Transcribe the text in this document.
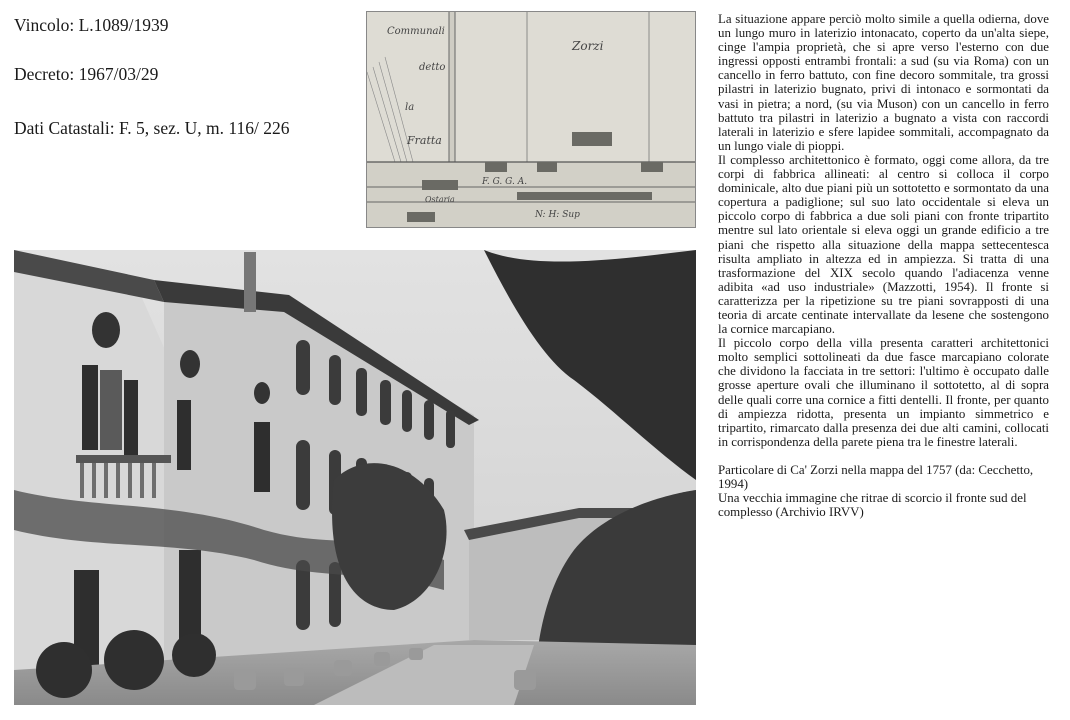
Vincolo: L.1089/1939
Decreto: 1967/03/29
Dati Catastali: F. 5, sez. U, m. 116/ 226
Communali
detto
la
Fratta
Zorzi
Ostaria
F. G. G. A.
N: H: Sup

La situazione appare perciò molto simile a quella odierna, dove un lungo muro in laterizio intonacato, coperto da un'alta siepe, cinge l'ampia proprietà, che si apre verso l'esterno con due ingressi opposti entrambi frontali: a sud (su via Roma) con un cancello in ferro battuto, con fine decoro sommitale, tra grossi pilastri in laterizio bugnato, privi di intonaco e sormontati da vasi in pietra; a nord, (su via Muson) con un cancello in ferro battuto tra pilastri in laterizio a bugnato a vista con raccordi laterali in laterizio e sfere lapidee sommitali, accompagnato da un lungo viale di pioppi.

Il complesso architettonico è formato, oggi come allora, da tre corpi di fabbrica allineati: al centro si colloca il corpo dominicale, alto due piani più un sottotetto e sormontato da una copertura a padiglione; sul suo lato occidentale si eleva un piccolo corpo di fabbrica a due soli piani con fronte tripartito mentre sul lato orientale si eleva oggi un grande edificio a tre piani che rispetto alla situazione della mappa settecentesca risulta ampliato in altezza ed in ampiezza. Si tratta di una trasformazione del XIX secolo quando l'adiacenza venne adibita «ad uso industriale» (Mazzotti, 1954). Il fronte si caratterizza per la ripetizione su tre piani sovrapposti di una teoria di arcate centinate intervallate da lesene che sostengono la cornice marcapiano.

Il piccolo corpo della villa presenta caratteri architettonici molto semplici sottolineati da due fasce marcapiano colorate che dividono la facciata in tre settori: l'ultimo è occupato dalle grosse aperture ovali che illuminano il sottotetto, al di sopra delle quali corre una cornice a fitti dentelli. Il fronte, per quanto di ampiezza ridotta, presenta un impianto simmetrico e tripartito, rimarcato dalla presenza dei due alti camini, collocati in corrispondenza della parete piena tra le finestre laterali.

Particolare di Ca' Zorzi nella mappa del 1757 (da: Cecchetto, 1994)

Una vecchia immagine che ritrae di scorcio il fronte sud del complesso (Archivio IRVV)
